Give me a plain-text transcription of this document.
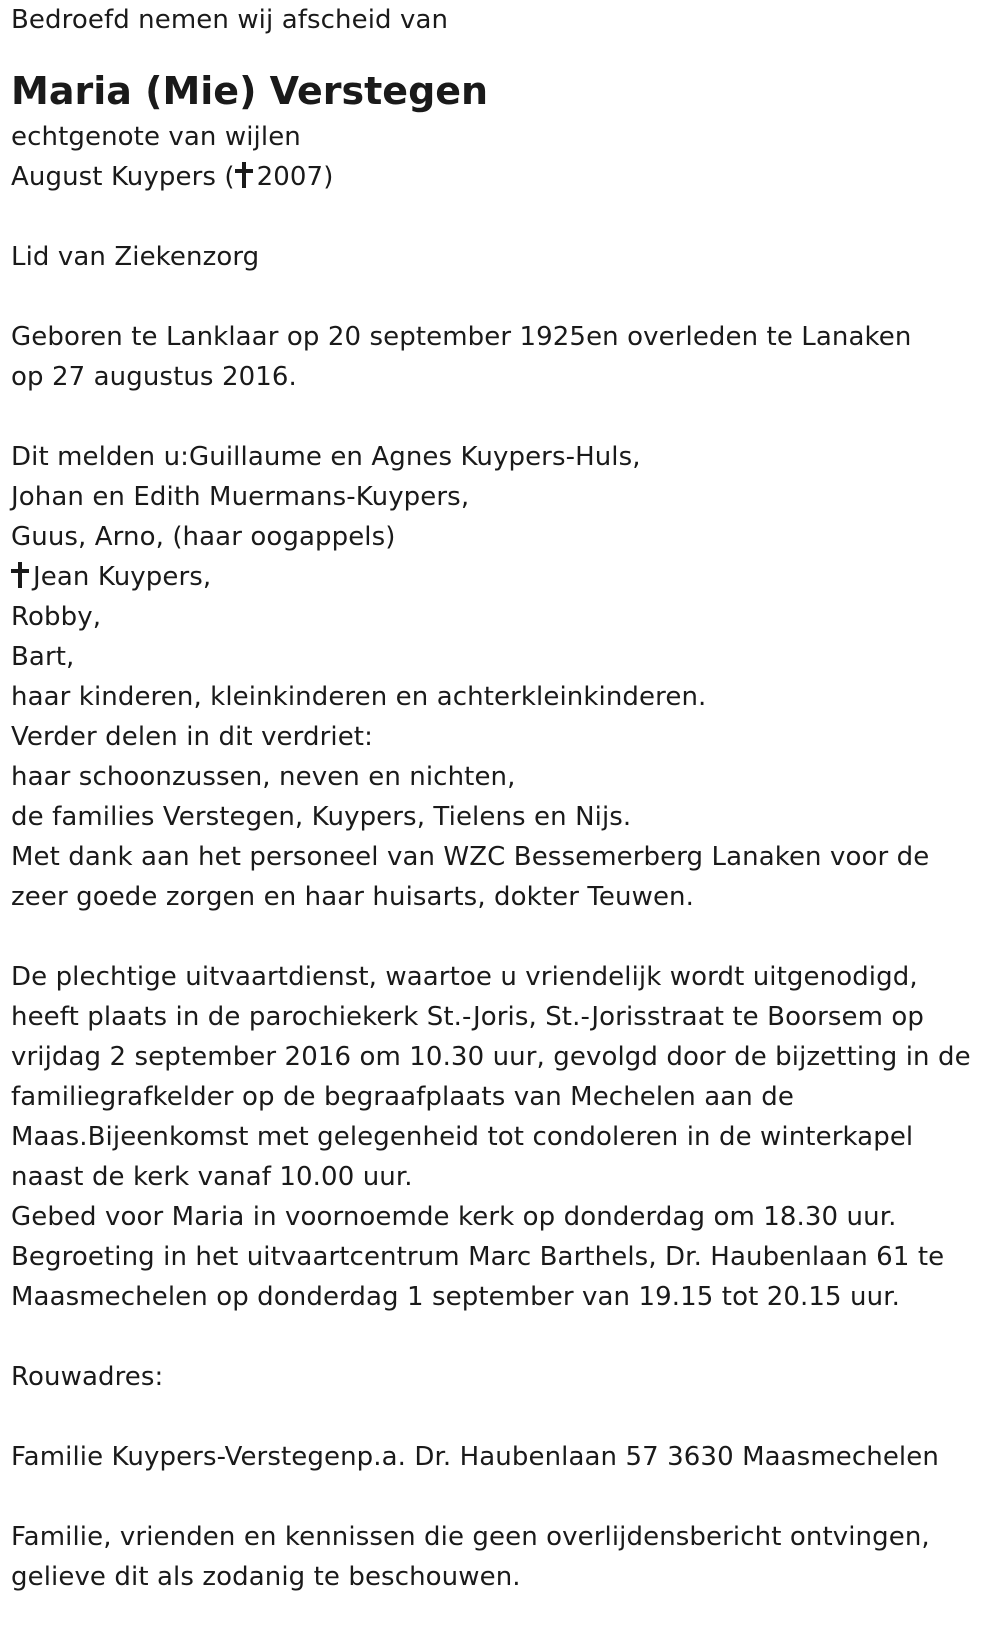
Bedroefd nemen wij afscheid van
Maria (Mie) Verstegen
echtgenote van wijlen
August Kuypers ( 2007)
Lid van Ziekenzorg
Geboren te Lanklaar op 20 september 1925en overleden te Lanaken
op 27 augustus 2016.
Dit melden u:Guillaume en Agnes Kuypers-Huls,
Johan en Edith Muermans-Kuypers,
Guus, Arno, (haar oogappels)
Jean Kuypers,
Robby,
Bart,
haar kinderen, kleinkinderen en achterkleinkinderen.
Verder delen in dit verdriet:
haar schoonzussen, neven en nichten,
de families Verstegen, Kuypers, Tielens en Nijs.
Met dank aan het personeel van WZC Bessemerberg Lanaken voor de
zeer goede zorgen en haar huisarts, dokter Teuwen.
De plechtige uitvaartdienst, waartoe u vriendelijk wordt uitgenodigd,
heeft plaats in de parochiekerk St.-Joris, St.-Jorisstraat te Boorsem op
vrijdag 2 september 2016 om 10.30 uur, gevolgd door de bijzetting in de
familiegrafkelder op de begraafplaats van Mechelen aan de
Maas.Bijeenkomst met gelegenheid tot condoleren in de winterkapel
naast de kerk vanaf 10.00 uur.
Gebed voor Maria in voornoemde kerk op donderdag om 18.30 uur.
Begroeting in het uitvaartcentrum Marc Barthels, Dr. Haubenlaan 61 te
Maasmechelen op donderdag 1 september van 19.15 tot 20.15 uur.
Rouwadres:
Familie Kuypers-Verstegenp.a. Dr. Haubenlaan 57 3630 Maasmechelen
Familie, vrienden en kennissen die geen overlijdensbericht ontvingen,
gelieve dit als zodanig te beschouwen.
